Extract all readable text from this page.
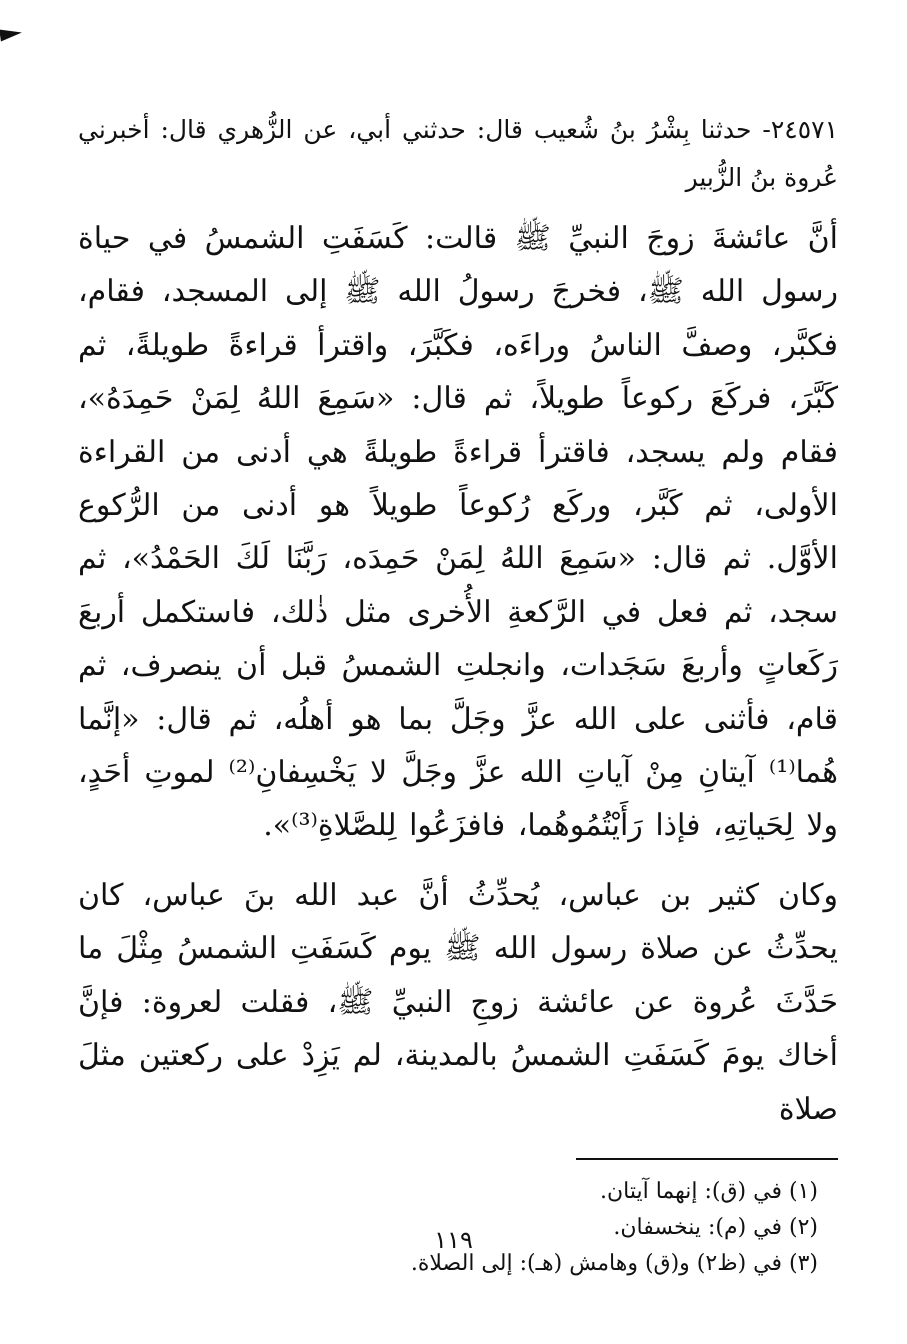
٢٤٥٧١- حدثنا بِشْرُ بنُ شُعيب قال: حدثني أبي، عن الزُّهري قال: أخبرني عُروة بنُ الزُّبير

أنَّ عائشةَ زوجَ النبيِّ ﷺ قالت: كَسَفَتِ الشمسُ في حياة رسول الله ﷺ، فخرجَ رسولُ الله ﷺ إلى المسجد، فقام، فكبَّر، وصفَّ الناسُ وراءَه، فكَبَّرَ، واقترأ قراءةً طويلةً، ثم كَبَّرَ، فركَعَ ركوعاً طويلاً، ثم قال: «سَمِعَ اللهُ لِمَنْ حَمِدَهُ»، فقام ولم يسجد، فاقترأ قراءةً طويلةً هي أدنى من القراءة الأولى، ثم كَبَّر، وركَع رُكوعاً طويلاً هو أدنى من الرُّكوع الأوَّل. ثم قال: «سَمِعَ اللهُ لِمَنْ حَمِدَه، رَبَّنَا لَكَ الحَمْدُ»، ثم سجد، ثم فعل في الرَّكعةِ الأُخرى مثل ذٰلك، فاستكمل أربعَ رَكَعاتٍ وأربعَ سَجَدات، وانجلتِ الشمسُ قبل أن ينصرف، ثم قام، فأثنى على الله عزَّ وجَلَّ بما هو أهلُه، ثم قال: «إنَّما هُما⁽¹⁾ آيتانِ مِنْ آياتِ الله عزَّ وجَلَّ لا يَخْسِفانِ⁽²⁾ لموتِ أحَدٍ، ولا لِحَياتِهِ، فإذا رَأَيْتُمُوهُما، فافزَعُوا لِلصَّلاةِ⁽³⁾».

وكان كثير بن عباس، يُحدِّثُ أنَّ عبد الله بنَ عباس، كان يحدِّثُ عن صلاة رسول الله ﷺ يوم كَسَفَتِ الشمسُ مِثْلَ ما حَدَّثَ عُروة عن عائشة زوجِ النبيِّ ﷺ، فقلت لعروة: فإنَّ أخاك يومَ كَسَفَتِ الشمسُ بالمدينة، لم يَزِدْ على ركعتين مثلَ صلاة

(١) في (ق): إنهما آيتان.
(٢) في (م): ينخسفان.
(٣) في (ظ٢) و(ق) وهامش (هـ): إلى الصلاة.
١١٩
